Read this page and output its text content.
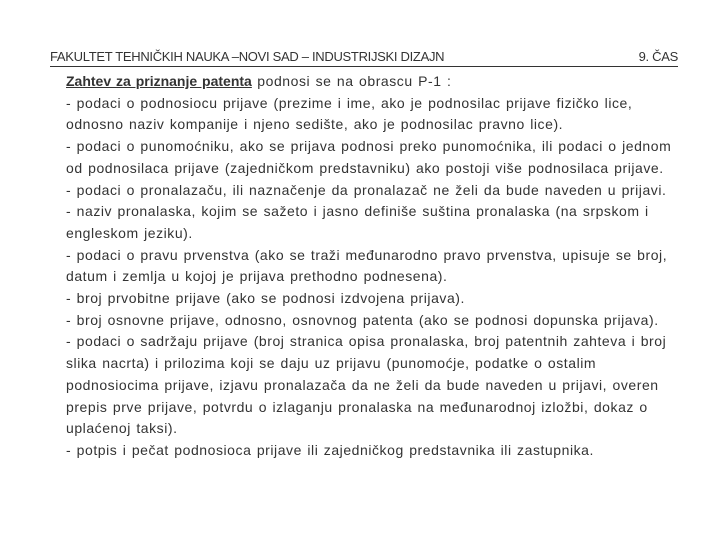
FAKULTET TEHNIČKIH NAUKA –NOVI SAD – INDUSTRIJSKI DIZAJN	9. ČAS

Zahtev za priznanje patenta podnosi se na obrascu P-1 :

- podaci o podnosiocu prijave (prezime i ime, ako je podnosilac prijave fizičko lice, odnosno naziv kompanije i njeno sedište, ako je podnosilac pravno lice).

- podaci o punomoćniku, ako se prijava podnosi preko punomoćnika, ili podaci o jednom od podnosilaca prijave (zajedničkom predstavniku) ako postoji više podnosilaca prijave.

- podaci o pronalazaču, ili naznačenje da pronalazač ne želi da bude naveden u prijavi.

- naziv pronalaska, kojim se sažeto i jasno definiše suština pronalaska (na srpskom i engleskom jeziku).

- podaci o pravu prvenstva (ako se traži međunarodno pravo prvenstva, upisuje se broj, datum i zemlja u kojoj je prijava prethodno podnesena).

- broj prvobitne prijave (ako se podnosi izdvojena prijava).

- broj osnovne prijave, odnosno, osnovnog patenta (ako se podnosi dopunska prijava).

- podaci o sadržaju prijave (broj stranica opisa pronalaska, broj patentnih zahteva i broj slika nacrta) i prilozima koji se daju uz prijavu (punomoćje, podatke o ostalim podnosiocima prijave, izjavu pronalazača da ne želi da bude naveden u prijavi, overen prepis prve prijave, potvrdu o izlaganju pronalaska na međunarodnoj izložbi, dokaz o uplaćenoj taksi).

- potpis i pečat podnosioca prijave ili zajedničkog predstavnika ili zastupnika.
